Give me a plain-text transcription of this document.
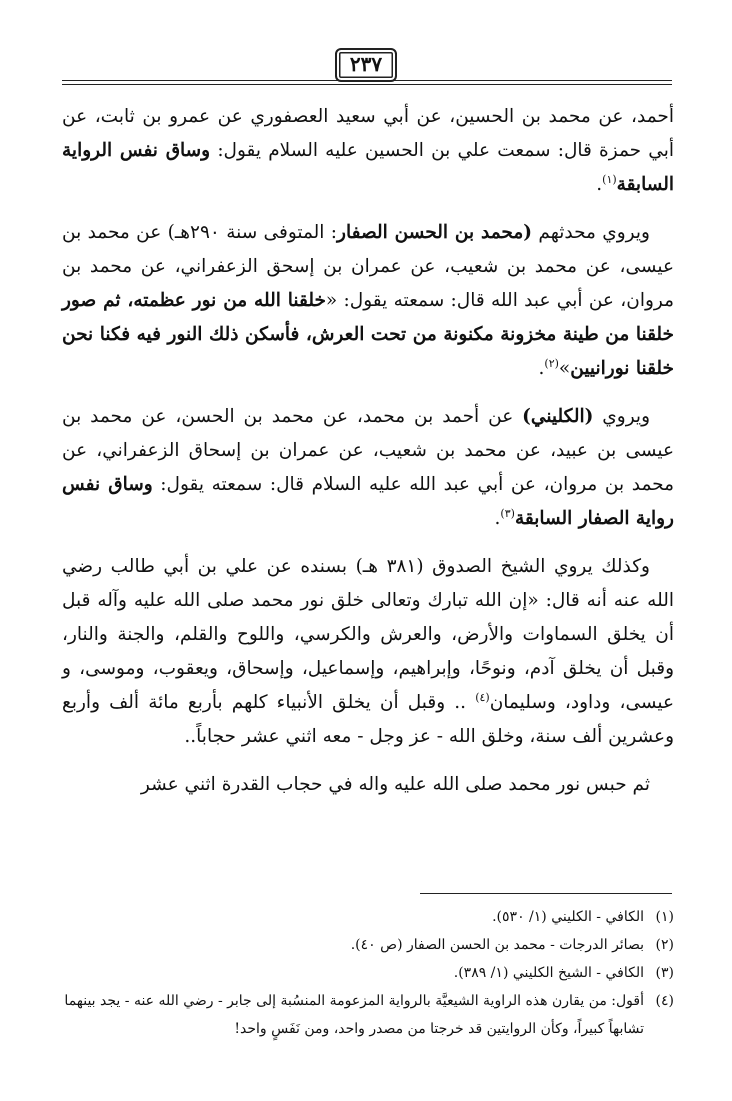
٢٣٧

أحمد، عن محمد بن الحسين، عن أبي سعيد العصفوري عن عمرو بن ثابت، عن أبي حمزة قال: سمعت علي بن الحسين عليه السلام يقول: وساق نفس الرواية السابقة$^{(١)}$.

ويروي محدثهم (محمد بن الحسن الصفار: المتوفى سنة ٢٩٠هـ) عن محمد بن عيسى، عن محمد بن شعيب، عن عمران بن إسحق الزعفراني، عن محمد بن مروان، عن أبي عبد الله قال: سمعته يقول: «خلقنا الله من نور عظمته، ثم صور خلقنا من طينة مخزونة مكنونة من تحت العرش، فأسكن ذلك النور فيه فكنا نحن خلقنا نورانيين»$^{(٢)}$.

ويروي (الكليني) عن أحمد بن محمد، عن محمد بن الحسن، عن محمد بن عيسى بن عبيد، عن محمد بن شعيب، عن عمران بن إسحاق الزعفراني، عن محمد بن مروان، عن أبي عبد الله عليه السلام قال: سمعته يقول: وساق نفس رواية الصفار السابقة$^{(٣)}$.

وكذلك يروي الشيخ الصدوق (٣٨١ هـ) بسنده عن علي بن أبي طالب رضي الله عنه أنه قال: «إن الله تبارك وتعالى خلق نور محمد صلى الله عليه وآله قبل أن يخلق السماوات والأرض، والعرش والكرسي، واللوح والقلم، والجنة والنار، وقبل أن يخلق آدم، ونوحًا، وإبراهيم، وإسماعيل، وإسحاق، ويعقوب، وموسى، و عيسى، وداود، وسليمان$^{(٤)}$ .. وقبل أن يخلق الأنبياء كلهم بأربع مائة ألف وأربع وعشرين ألف سنة، وخلق الله - عز وجل - معه اثني عشر حجاباً..

ثم حبس نور محمد صلى الله عليه واله في حجاب القدرة اثني عشر

(١)
الكافي - الكليني (١/ ٥٣٠).
(٢)
بصائر الدرجات - محمد بن الحسن الصفار (ص ٤٠).
(٣)
الكافي - الشيخ الكليني (١/ ٣٨٩).
(٤)
أقول: من يقارن هذه الراوية الشيعيَّة بالرواية المزعومة المنسُبة إلى جابر - رضي الله عنه - يجد بينهما تشابهاً كبيراً، وكأن الروايتين قد خرجتا من مصدر واحد، ومن نَفَسٍ واحد!
